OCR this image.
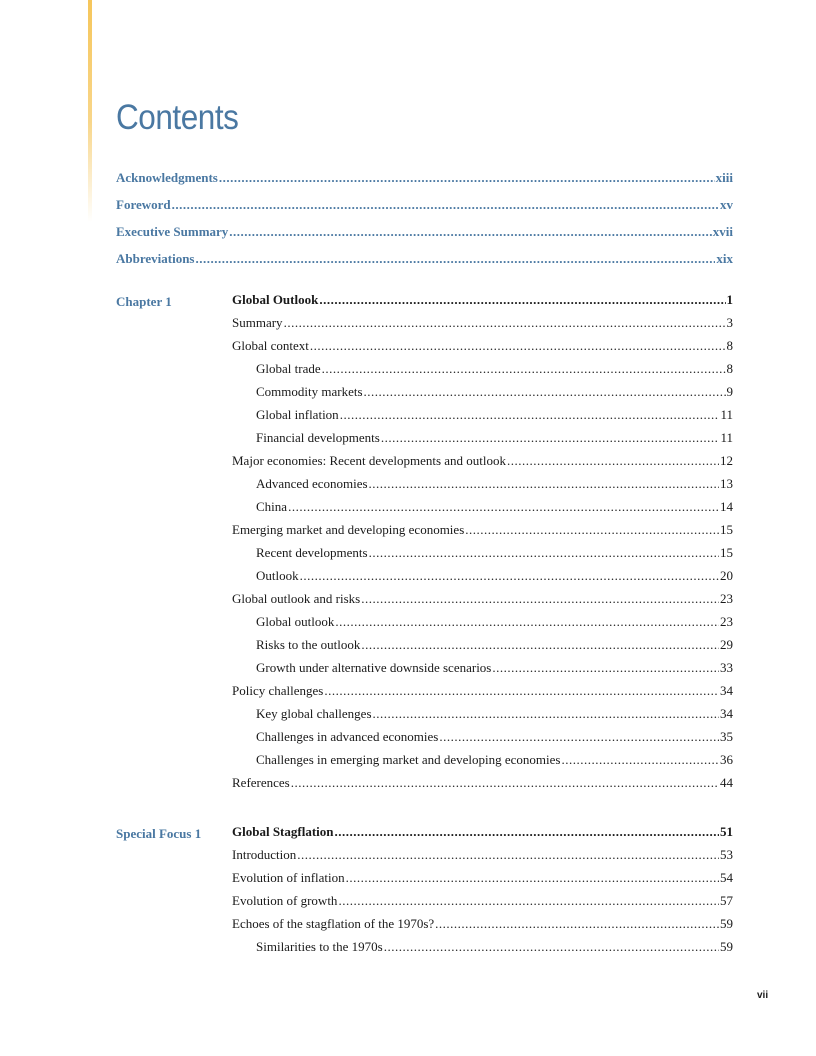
Contents
Acknowledgments .....	xiii
Foreword .....	xv
Executive Summary .....	xvii
Abbreviations .....	xix
Chapter 1	Global Outlook .....	1
Summary .....	3
Global context .....	8
Global trade .....	8
Commodity markets .....	9
Global inflation .....	11
Financial developments .....	11
Major economies: Recent developments and outlook .....	12
Advanced economies .....	13
China .....	14
Emerging market and developing economies .....	15
Recent developments .....	15
Outlook .....	20
Global outlook and risks .....	23
Global outlook .....	23
Risks to the outlook .....	29
Growth under alternative downside scenarios .....	33
Policy challenges .....	34
Key global challenges .....	34
Challenges in advanced economies .....	35
Challenges in emerging market and developing economies .....	36
References .....	44
Special Focus 1 Global Stagflation .....	51
Introduction .....	53
Evolution of inflation .....	54
Evolution of growth .....	57
Echoes of the stagflation of the 1970s? .....	59
Similarities to the 1970s .....	59
vii
